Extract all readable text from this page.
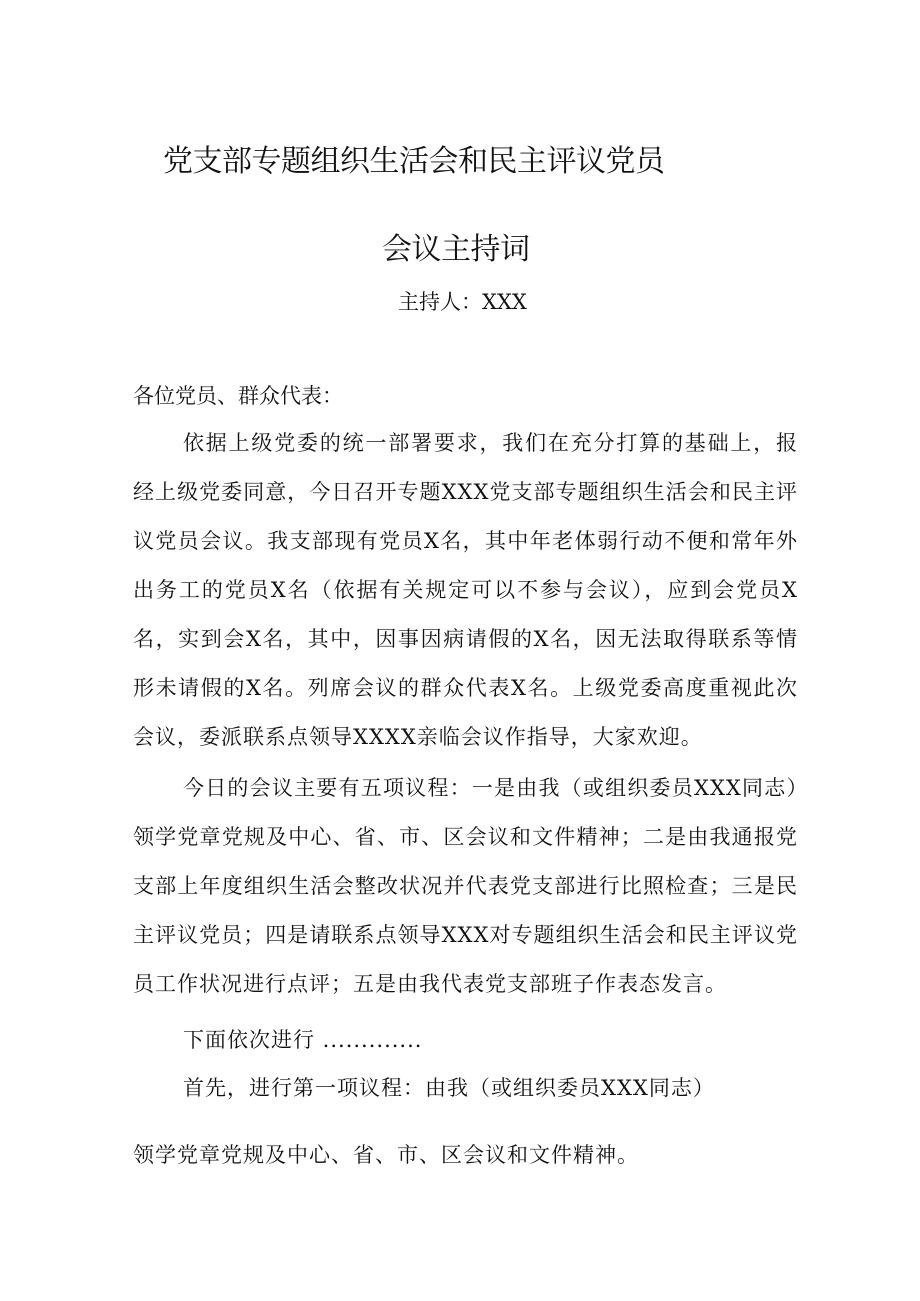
党支部专题组织生活会和民主评议党员
会议主持词
主持人：XXX
各位党员、群众代表：
依据上级党委的统一部署要求，我们在充分打算的基础上，报经上级党委同意，今日召开专题XXX党支部专题组织生活会和民主评议党员会议。我支部现有党员X名，其中年老体弱行动不便和常年外出务工的党员X名（依据有关规定可以不参与会议），应到会党员X名，实到会X名，其中，因事因病请假的X名，因无法取得联系等情形未请假的X名。列席会议的群众代表X名。上级党委高度重视此次会议，委派联系点领导XXXX亲临会议作指导，大家欢迎。
今日的会议主要有五项议程：一是由我（或组织委员XXX同志）领学党章党规及中心、省、市、区会议和文件精神；二是由我通报党支部上年度组织生活会整改状况并代表党支部进行比照检查；三是民主评议党员；四是请联系点领导XXX对专题组织生活会和民主评议党员工作状况进行点评；五是由我代表党支部班子作表态发言。
下面依次进行 .............
首先，进行第一项议程：由我（或组织委员XXX同志）
领学党章党规及中心、省、市、区会议和文件精神。
